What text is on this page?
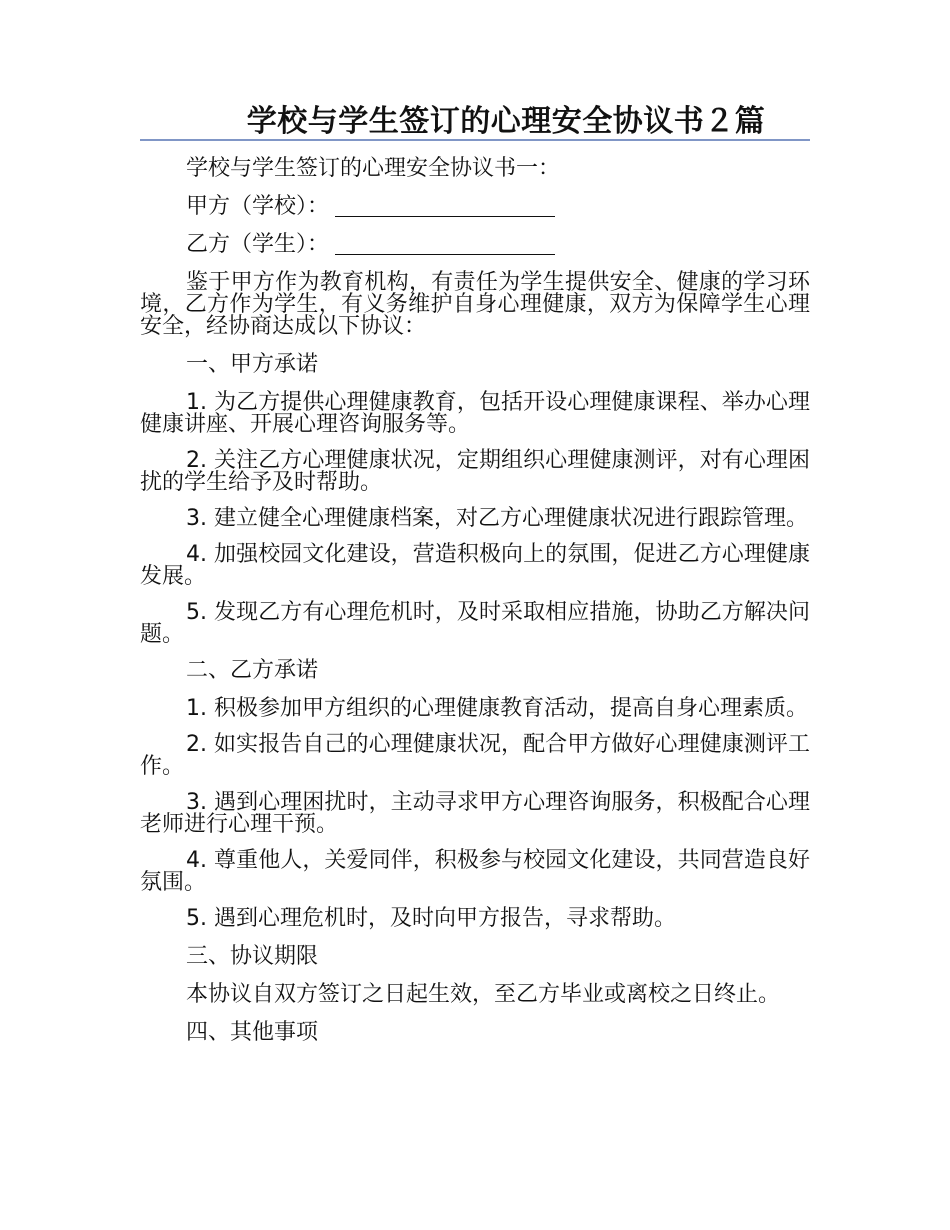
学校与学生签订的心理安全协议书２篇

学校与学生签订的心理安全协议书一：

甲方（学校）：

乙方（学生）：

鉴于甲方作为教育机构，有责任为学生提供安全、健康的学习环境，乙方作为学生，有义务维护自身心理健康，双方为保障学生心理安全，经协商达成以下协议：

一、甲方承诺

1. 为乙方提供心理健康教育，包括开设心理健康课程、举办心理健康讲座、开展心理咨询服务等。

2. 关注乙方心理健康状况，定期组织心理健康测评，对有心理困扰的学生给予及时帮助。

3. 建立健全心理健康档案，对乙方心理健康状况进行跟踪管理。

4. 加强校园文化建设，营造积极向上的氛围，促进乙方心理健康发展。

5. 发现乙方有心理危机时，及时采取相应措施，协助乙方解决问题。

二、乙方承诺

1. 积极参加甲方组织的心理健康教育活动，提高自身心理素质。

2. 如实报告自己的心理健康状况，配合甲方做好心理健康测评工作。

3. 遇到心理困扰时，主动寻求甲方心理咨询服务，积极配合心理老师进行心理干预。

4. 尊重他人，关爱同伴，积极参与校园文化建设，共同营造良好氛围。

5. 遇到心理危机时，及时向甲方报告，寻求帮助。

三、协议期限

本协议自双方签订之日起生效，至乙方毕业或离校之日终止。

四、其他事项
